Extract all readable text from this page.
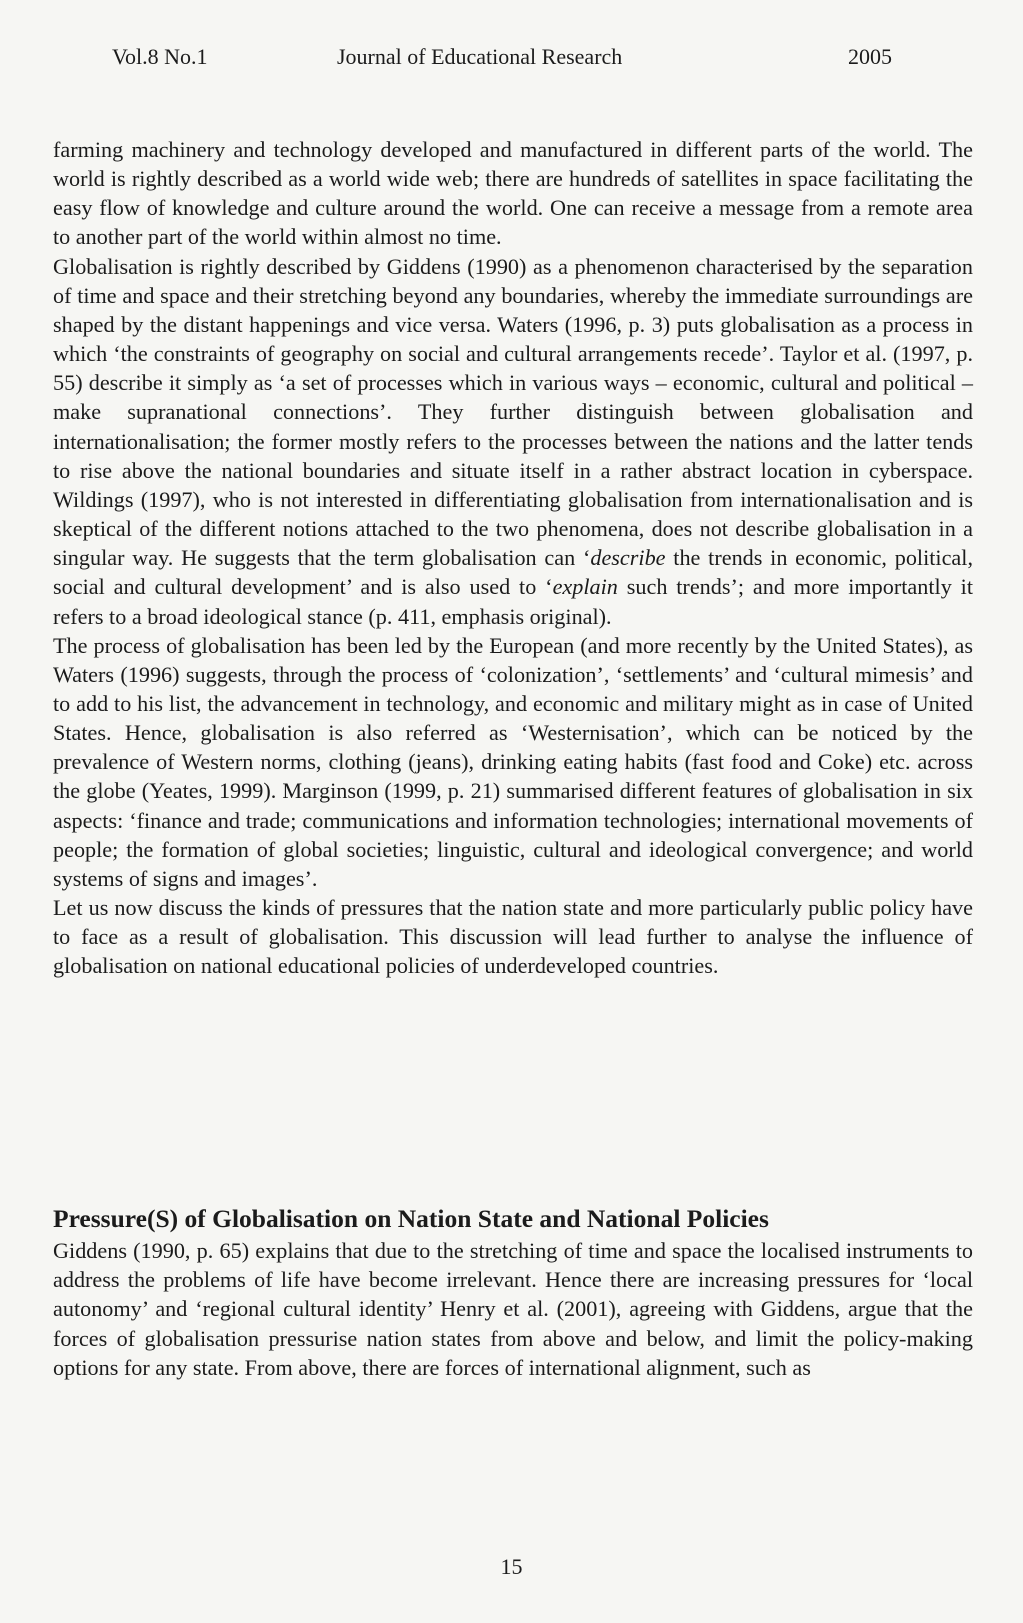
Vol.8 No.1	Journal of Educational Research	2005

farming machinery and technology developed and manufactured in different parts of the world. The world is rightly described as a world wide web; there are hundreds of satellites in space facilitating the easy flow of knowledge and culture around the world. One can receive a message from a remote area to another part of the world within almost no time.

Globalisation is rightly described by Giddens (1990) as a phenomenon characterised by the separation of time and space and their stretching beyond any boundaries, whereby the immediate surroundings are shaped by the distant happenings and vice versa. Waters (1996, p. 3) puts globalisation as a process in which ‘the constraints of geography on social and cultural arrangements recede’. Taylor et al. (1997, p. 55) describe it simply as ‘a set of processes which in various ways – economic, cultural and political – make supranational connections’. They further distinguish between globalisation and internationalisation; the former mostly refers to the processes between the nations and the latter tends to rise above the national boundaries and situate itself in a rather abstract location in cyberspace. Wildings (1997), who is not interested in differentiating globalisation from internationalisation and is skeptical of the different notions attached to the two phenomena, does not describe globalisation in a singular way. He suggests that the term globalisation can ‘describe the trends in economic, political, social and cultural development’ and is also used to ‘explain such trends’; and more importantly it refers to a broad ideological stance (p. 411, emphasis original).

The process of globalisation has been led by the European (and more recently by the United States), as Waters (1996) suggests, through the process of ‘colonization’, ‘settlements’ and ‘cultural mimesis’ and to add to his list, the advancement in technology, and economic and military might as in case of United States. Hence, globalisation is also referred as ‘Westernisation’, which can be noticed by the prevalence of Western norms, clothing (jeans), drinking eating habits (fast food and Coke) etc. across the globe (Yeates, 1999). Marginson (1999, p. 21) summarised different features of globalisation in six aspects: ‘finance and trade; communications and information technologies; international movements of people; the formation of global societies; linguistic, cultural and ideological convergence; and world systems of signs and images’.

Let us now discuss the kinds of pressures that the nation state and more particularly public policy have to face as a result of globalisation. This discussion will lead further to analyse the influence of globalisation on national educational policies of underdeveloped countries.

Pressure(S) of Globalisation on Nation State and National Policies

Giddens (1990, p. 65) explains that due to the stretching of time and space the localised instruments to address the problems of life have become irrelevant. Hence there are increasing pressures for ‘local autonomy’ and ‘regional cultural identity’ Henry et al. (2001), agreeing with Giddens, argue that the forces of globalisation pressurise nation states from above and below, and limit the policy-making options for any state. From above, there are forces of international alignment, such as

15
